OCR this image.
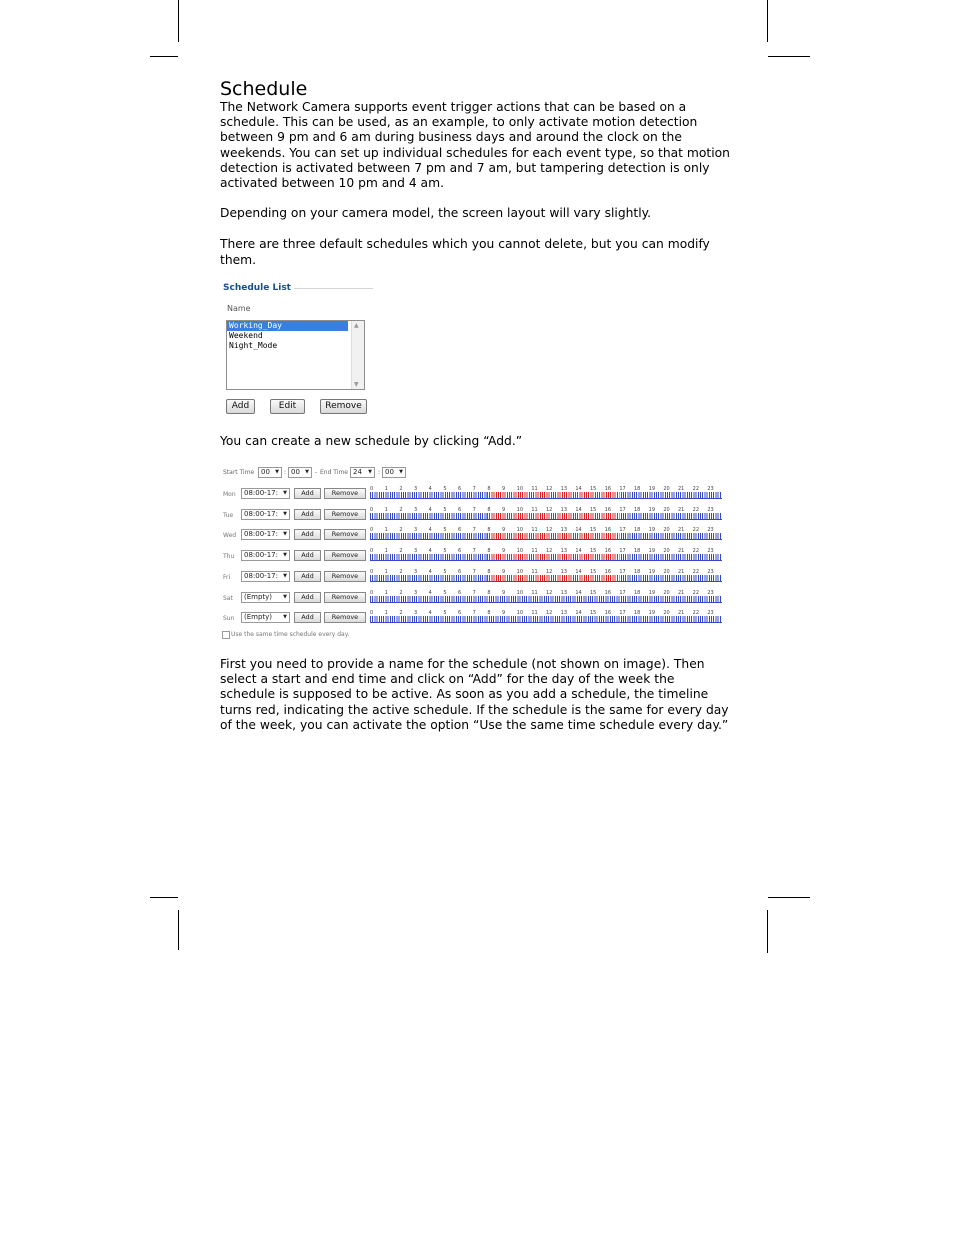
Schedule

The Network Camera supports event trigger actions that can be based on a schedule. This can be used, as an example, to only activate motion detection between 9 pm and 6 am during business days and around the clock on the weekends. You can set up individual schedules for each event type, so that motion detection is activated between 7 pm and 7 am, but tampering detection is only activated between 10 pm and 4 am.

Depending on your camera model, the screen layout will vary slightly.

There are three default schedules which you cannot delete, but you can modify them.

Schedule List
Name
Working_Day
Weekend
Night_Mode
▲
▼
Add	Edit	Remove

You can create a new schedule by clicking “Add.”

Start Time 00 ▼ : 00 ▼ - End Time 24 ▼ : 00 ▼
Mon	08:00-17: ▼	Add	Remove	0 1 2 3 4 5 6 7 8 9 10 11 12 13 14 15 16 17 18 19 20 21 22 23
Tue	08:00-17: ▼	Add	Remove	0 1 2 3 4 5 6 7 8 9 10 11 12 13 14 15 16 17 18 19 20 21 22 23
Wed	08:00-17: ▼	Add	Remove	0 1 2 3 4 5 6 7 8 9 10 11 12 13 14 15 16 17 18 19 20 21 22 23
Thu	08:00-17: ▼	Add	Remove	0 1 2 3 4 5 6 7 8 9 10 11 12 13 14 15 16 17 18 19 20 21 22 23
Fri	08:00-17: ▼	Add	Remove	0 1 2 3 4 5 6 7 8 9 10 11 12 13 14 15 16 17 18 19 20 21 22 23
Sat	(Empty) ▼	Add	Remove	0 1 2 3 4 5 6 7 8 9 10 11 12 13 14 15 16 17 18 19 20 21 22 23
Sun	(Empty) ▼	Add	Remove	0 1 2 3 4 5 6 7 8 9 10 11 12 13 14 15 16 17 18 19 20 21 22 23
Use the same time schedule every day.

First you need to provide a name for the schedule (not shown on image). Then select a start and end time and click on “Add” for the day of the week the schedule is supposed to be active. As soon as you add a schedule, the timeline turns red, indicating the active schedule. If the schedule is the same for every day of the week, you can activate the option “Use the same time schedule every day.”
